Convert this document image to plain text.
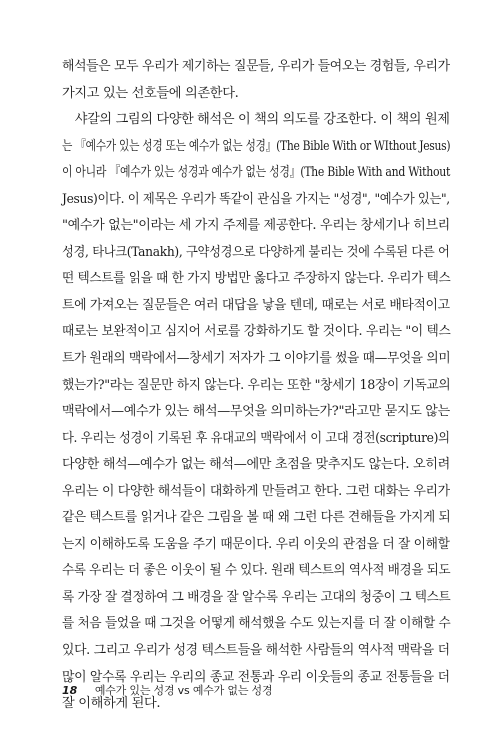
해석들은 모두 우리가 제기하는 질문들, 우리가 들여오는 경험들, 우리가
가지고 있는 선호들에 의존한다.
　샤갈의 그림의 다양한 해석은 이 책의 의도를 강조한다. 이 책의 원제
는 『예수가 있는 성경 또는 예수가 없는 성경』(The Bible With or WIthout Jesus)
이 아니라 『예수가 있는 성경과 예수가 없는 성경』(The Bible With and Without
Jesus)이다. 이 제목은 우리가 똑같이 관심을 가지는 "성경", "예수가 있는",
"예수가 없는"이라는 세 가지 주제를 제공한다. 우리는 창세기나 히브리
성경, 타나크(Tanakh), 구약성경으로 다양하게 불리는 것에 수록된 다른 어
떤 텍스트를 읽을 때 한 가지 방법만 옳다고 주장하지 않는다. 우리가 텍스
트에 가져오는 질문들은 여러 대답을 낳을 텐데, 때로는 서로 배타적이고
때로는 보완적이고 심지어 서로를 강화하기도 할 것이다. 우리는 "이 텍스
트가 원래의 맥락에서—창세기 저자가 그 이야기를 썼을 때—무엇을 의미
했는가?"라는 질문만 하지 않는다. 우리는 또한 "창세기 18장이 기독교의
맥락에서—예수가 있는 해석—무엇을 의미하는가?"라고만 묻지도 않는
다. 우리는 성경이 기록된 후 유대교의 맥락에서 이 고대 경전(scripture)의
다양한 해석—예수가 없는 해석—에만 초점을 맞추지도 않는다. 오히려
우리는 이 다양한 해석들이 대화하게 만들려고 한다. 그런 대화는 우리가
같은 텍스트를 읽거나 같은 그림을 볼 때 왜 그런 다른 견해들을 가지게 되
는지 이해하도록 도움을 주기 때문이다. 우리 이웃의 관점을 더 잘 이해할
수록 우리는 더 좋은 이웃이 될 수 있다. 원래 텍스트의 역사적 배경을 되도
록 가장 잘 결정하여 그 배경을 잘 알수록 우리는 고대의 청중이 그 텍스트
를 처음 들었을 때 그것을 어떻게 해석했을 수도 있는지를 더 잘 이해할 수
있다. 그리고 우리가 성경 텍스트들을 해석한 사람들의 역사적 맥락을 더
많이 알수록 우리는 우리의 종교 전통과 우리 이웃들의 종교 전통들을 더
잘 이해하게 된다.
18 예수가 있는 성경 vs 예수가 없는 성경
